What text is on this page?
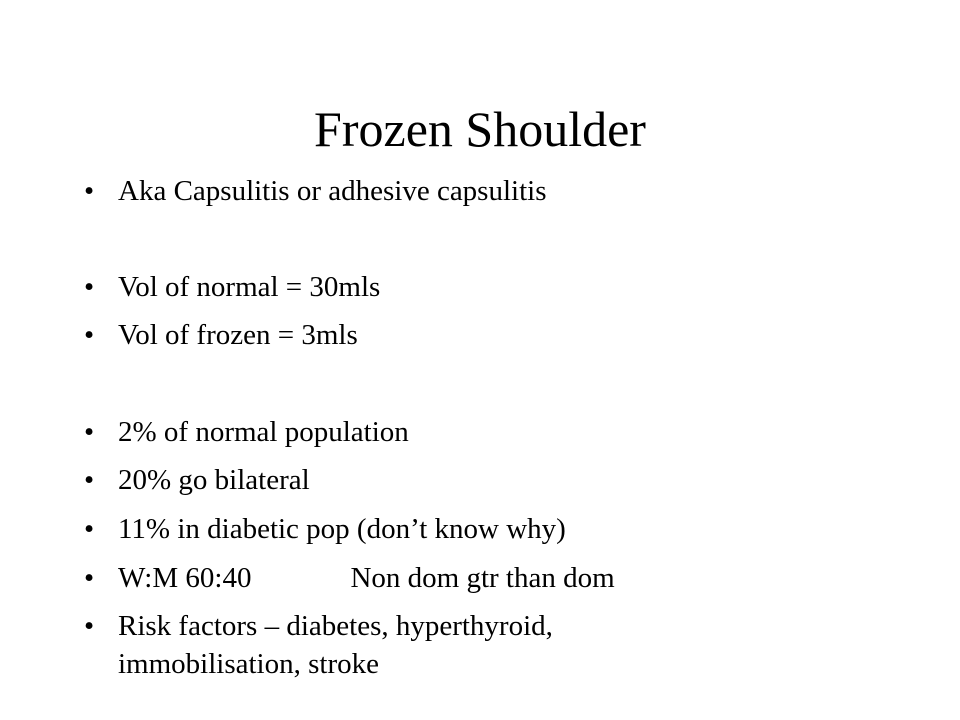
Frozen Shoulder
• Aka Capsulitis or adhesive capsulitis
• Vol of normal = 30mls
• Vol of frozen = 3mls
• 2% of normal population
• 20% go bilateral
• 11% in diabetic pop (don’t know why)
• W:M 60:40	Non dom gtr than dom
• Risk factors – diabetes, hyperthyroid,
immobilisation, stroke
